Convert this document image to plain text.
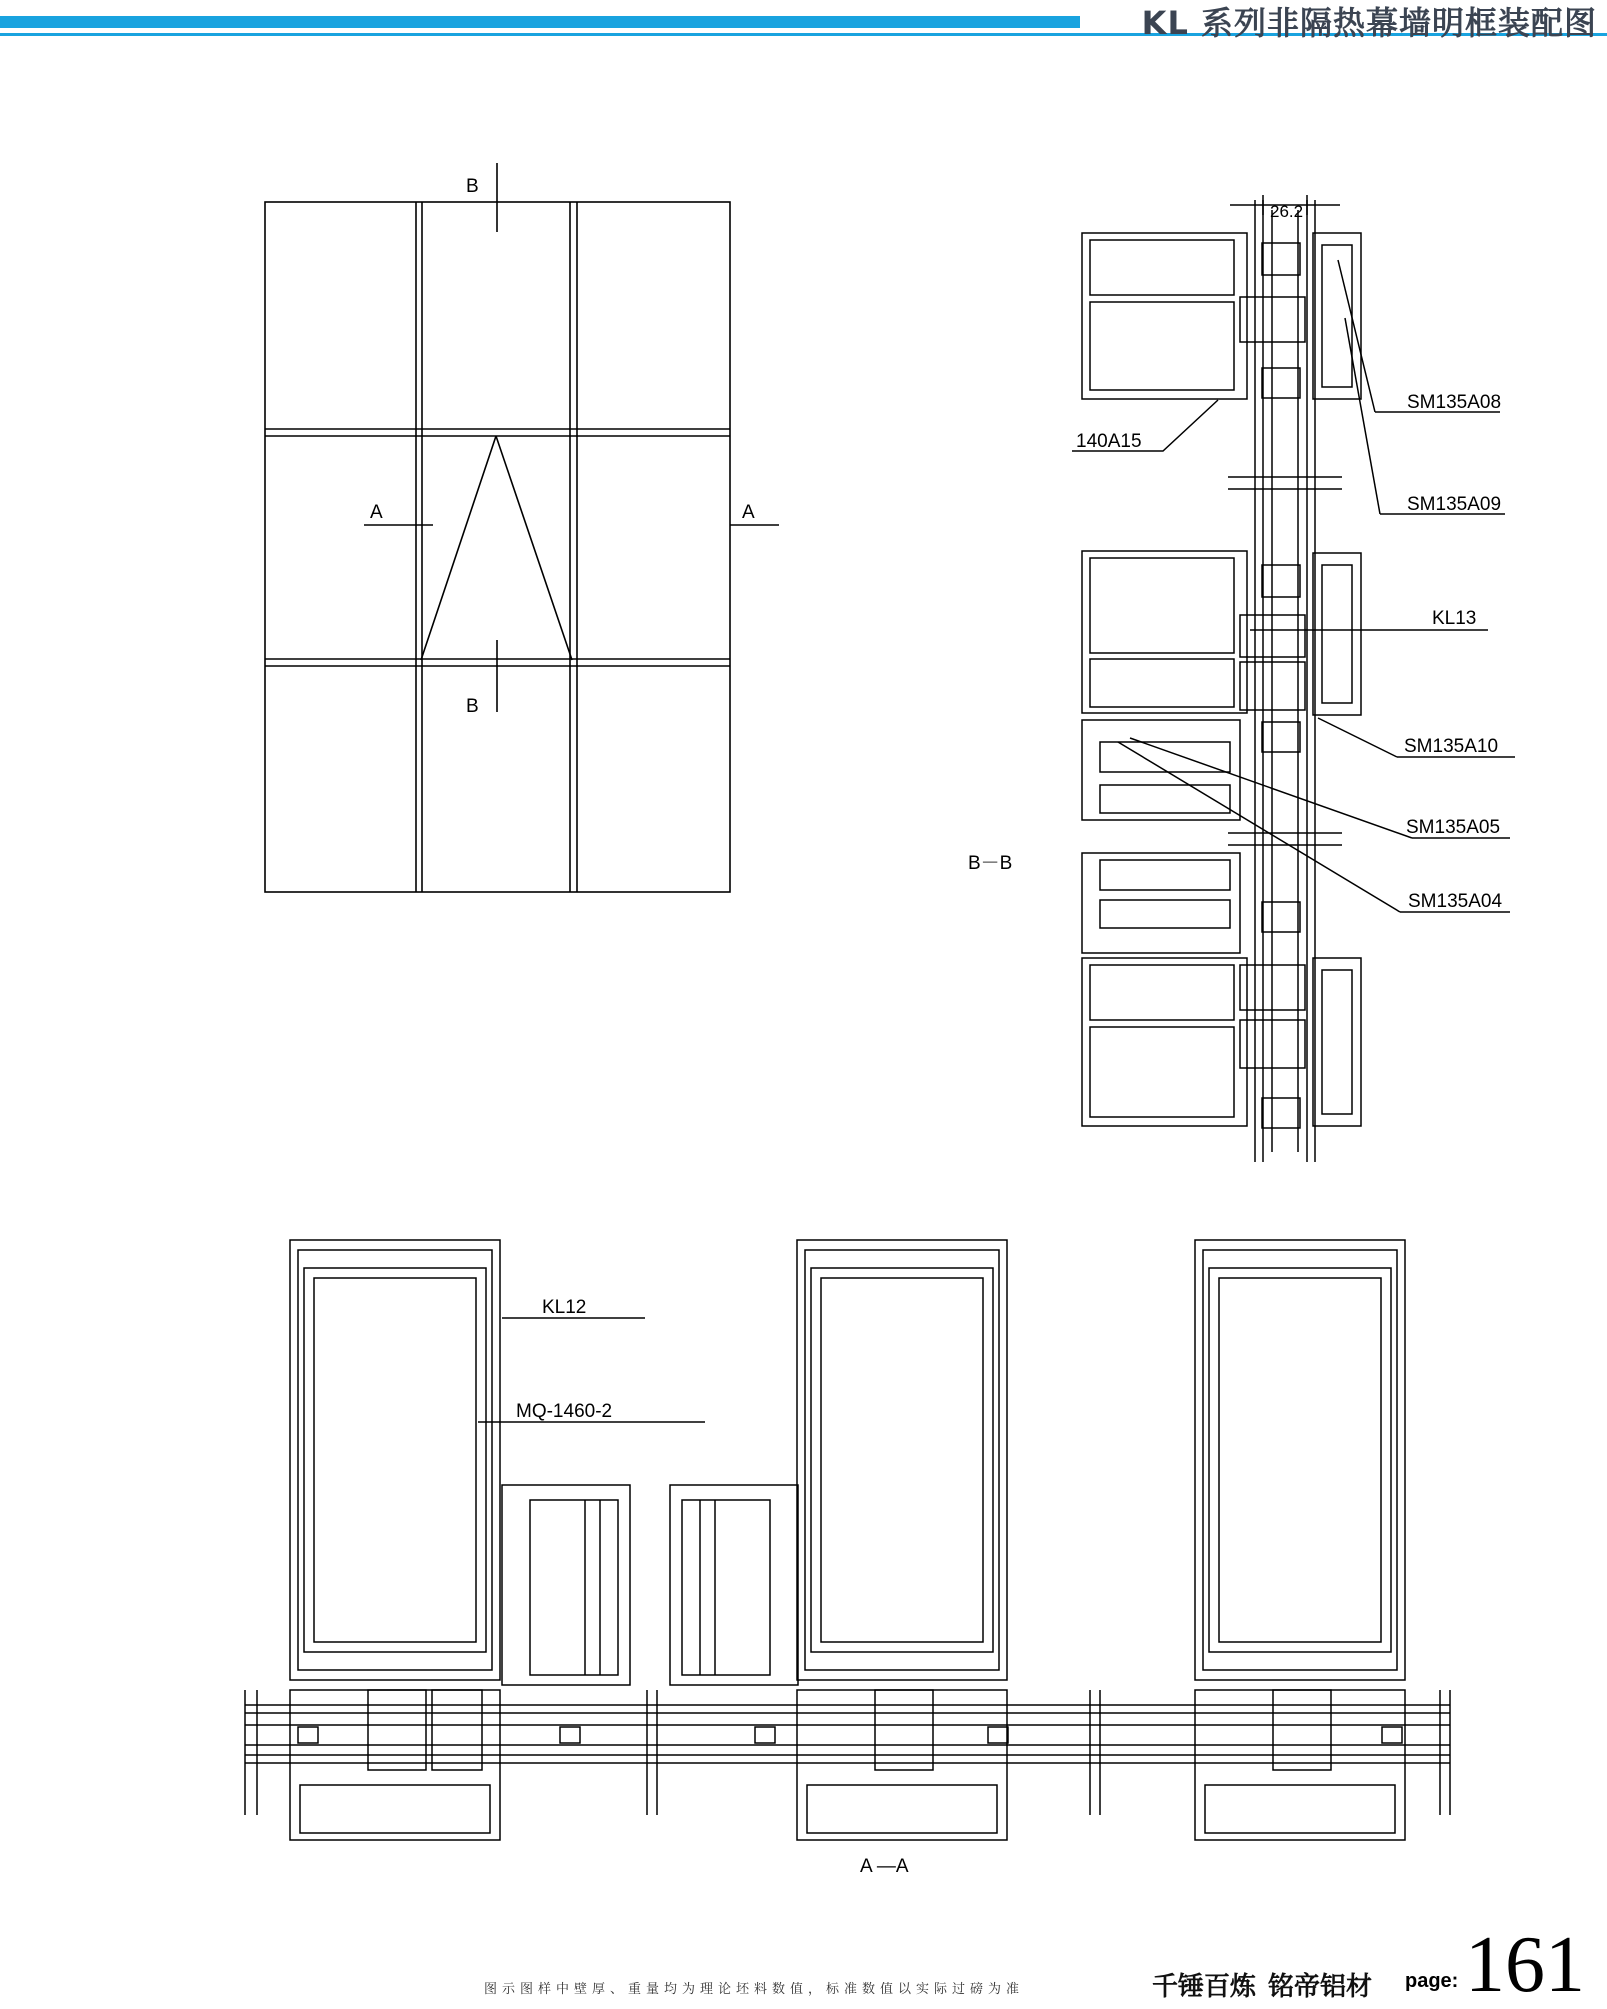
KL 系列非隔热幕墙明框装配图
B
B
A	A
26.2
140A15
SM135A08
SM135A09
KL13
SM135A10
SM135A05
SM135A04
B－B
KL12
MQ-1460-2
A —A
图示图样中壁厚、重量均为理论坯料数值，标准数值以实际过磅为准	千锤百炼 铭帝铝材 page: 161
